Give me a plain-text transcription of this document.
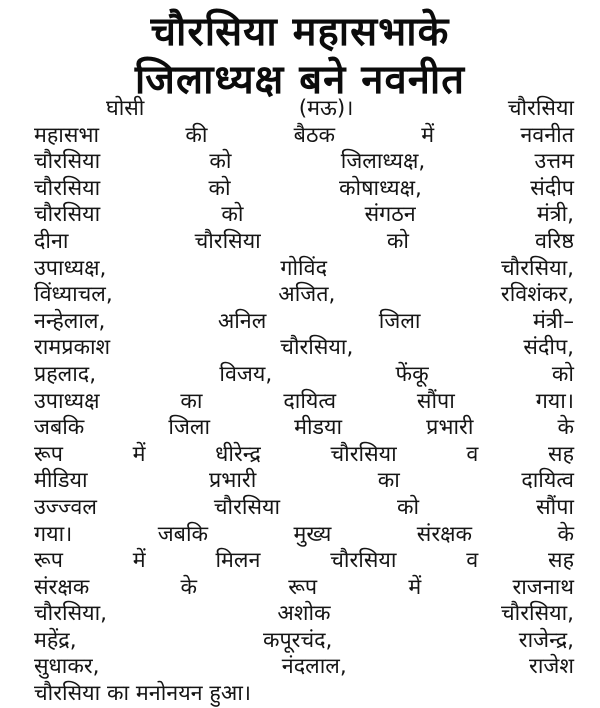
चौरसिया महासभाके
जिलाध्यक्ष बने नवनीत
घोसी (मऊ)। चौरसिया
महासभा की बैठक में नवनीत
चौरसिया को जिलाध्यक्ष, उत्तम
चौरसिया को कोषाध्यक्ष, संदीप
चौरसिया को संगठन मंत्री,
दीना चौरसिया को वरिष्ठ
उपाध्यक्ष, गोविंद चौरसिया,
विंध्याचल, अजित, रविशंकर,
नन्हेलाल, अनिल जिला मंत्री–
रामप्रकाश चौरसिया, संदीप,
प्रहलाद, विजय, फेंकू को
उपाध्यक्ष का दायित्व सौंपा गया।
जबकि जिला मीडया प्रभारी के
रूप में धीरेन्द्र चौरसिया व सह
मीडिया प्रभारी का दायित्व
उज्ज्वल चौरसिया को सौंपा
गया। जबकि मुख्य संरक्षक के
रूप में मिलन चौरसिया व सह
संरक्षक के रूप में राजनाथ
चौरसिया, अशोक चौरसिया,
महेंद्र, कपूरचंद, राजेन्द्र,
सुधाकर, नंदलाल, राजेश
चौरसिया का मनोनयन हुआ।
